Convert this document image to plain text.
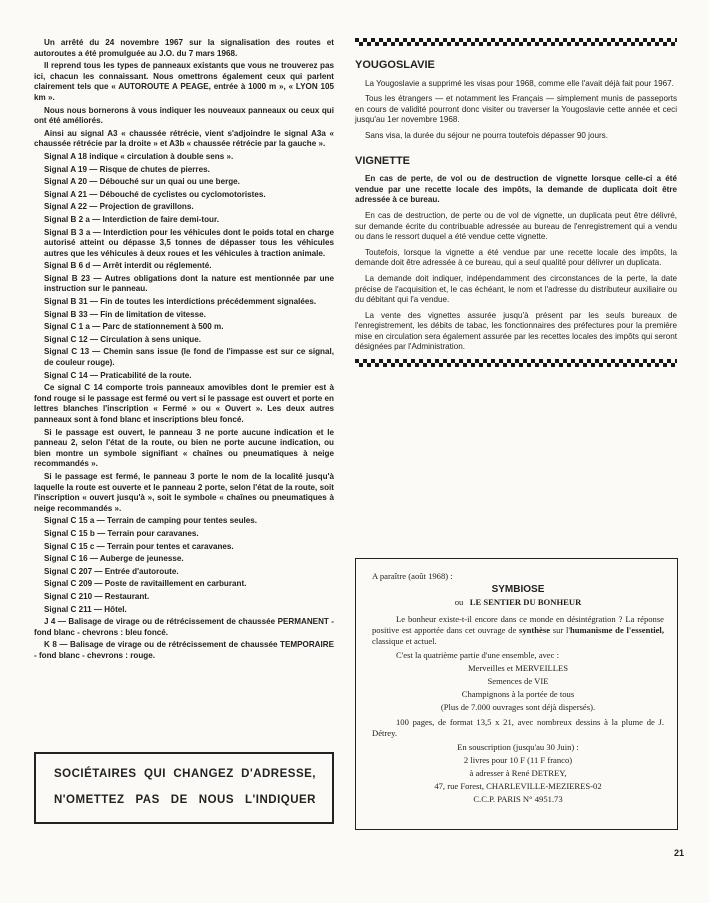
Un arrêté du 24 novembre 1967 sur la signalisation des routes et autoroutes a été promulguée au J.O. du 7 mars 1968.

Il reprend tous les types de panneaux existants que vous ne trouverez pas ici, chacun les connaissant. Nous omettrons également ceux qui parlent clairement tels que « AUTOROUTE A PEAGE, entrée à 1000 m », « LYON 105 km ».

Nous nous bornerons à vous indiquer les nouveaux panneaux ou ceux qui ont été améliorés.

Ainsi au signal A3 « chaussée rétrécie, vient s'adjoindre le signal A3a « chaussée rétrécie par la droite » et A3b « chaussée rétrécie par la gauche ».

Signal A 18 indique « circulation à double sens ».

Signal A 19 — Risque de chutes de pierres.

Signal A 20 — Débouché sur un quai ou une berge.

Signal A 21 — Débouché de cyclistes ou cyclomotoristes.

Signal A 22 — Projection de gravillons.

Signal B 2 a — Interdiction de faire demi-tour.

Signal B 3 a — Interdiction pour les véhicules dont le poids total en charge autorisé atteint ou dépasse 3,5 tonnes de dépasser tous les véhicules autres que les véhicules à deux roues et les véhicules à traction animale.

Signal B 6 d — Arrêt interdit ou réglementé.

Signal B 23 — Autres obligations dont la nature est mentionnée par une instruction sur le panneau.

Signal B 31 — Fin de toutes les interdictions précédemment signalées.

Signal B 33 — Fin de limitation de vitesse.

Signal C 1 a — Parc de stationnement à 500 m.

Signal C 12 — Circulation à sens unique.

Signal C 13 — Chemin sans issue (le fond de l'impasse est sur ce signal, de couleur rouge).

Signal C 14 — Praticabilité de la route.

Ce signal C 14 comporte trois panneaux amovibles dont le premier est à fond rouge si le passage est fermé ou vert si le passage est ouvert et porte en lettres blanches l'inscription « Fermé » ou « Ouvert ». Les deux autres panneaux sont à fond blanc et inscriptions bleu foncé.

Si le passage est ouvert, le panneau 3 ne porte aucune indication et le panneau 2, selon l'état de la route, ou bien ne porte aucune indication, ou bien montre un symbole signifiant « chaînes ou pneumatiques à neige recommandés ».

Si le passage est fermé, le panneau 3 porte le nom de la localité jusqu'à laquelle la route est ouverte et le panneau 2 porte, selon l'état de la route, soit l'inscription « ouvert jusqu'à », soit le symbole « chaînes ou pneumatiques à neige recommandés ».

Signal C 15 a — Terrain de camping pour tentes seules.

Signal C 15 b — Terrain pour caravanes.

Signal C 15 c — Terrain pour tentes et caravanes.

Signal C 16 — Auberge de jeunesse.

Signal C 207 — Entrée d'autoroute.

Signal C 209 — Poste de ravitaillement en carburant.

Signal C 210 — Restaurant.

Signal C 211 — Hôtel.

J 4 — Balisage de virage ou de rétrécissement de chaussée PERMANENT - fond blanc - chevrons : bleu foncé.

K 8 — Balisage de virage ou de rétrécissement de chaussée TEMPORAIRE - fond blanc - chevrons : rouge.

SOCIÉTAIRES QUI CHANGEZ D'ADRESSE,
N'OMETTEZ PAS DE NOUS L'INDIQUER
YOUGOSLAVIE

La Yougoslavie a supprimé les visas pour 1968, comme elle l'avait déjà fait pour 1967.

Tous les étrangers — et notamment les Français — simplement munis de passeports en cours de validité pourront donc visiter ou traverser la Yougoslavie cette année et ceci jusqu'au 1er novembre 1968.

Sans visa, la durée du séjour ne pourra toutefois dépasser 90 jours.

VIGNETTE

En cas de perte, de vol ou de destruction de vignette lorsque celle-ci a été vendue par une recette locale des impôts, la demande de duplicata doit être adressée à ce bureau.

En cas de destruction, de perte ou de vol de vignette, un duplicata peut être délivré, sur demande écrite du contribuable adressée au bureau de l'enregistrement qui a vendu ou dans le ressort duquel a été vendue cette vignette.

Toutefois, lorsque la vignette a été vendue par une recette locale des impôts, la demande doit être adressée à ce bureau, qui a seul qualité pour délivrer un duplicata.

La demande doit indiquer, indépendamment des circonstances de la perte, la date précise de l'acquisition et, le cas échéant, le nom et l'adresse du distributeur auxiliaire ou du débitant qui l'a vendue.

La vente des vignettes assurée jusqu'à présent par les seuls bureaux de l'enregistrement, les débits de tabac, les fonctionnaires des préfectures pour la première mise en circulation sera également assurée par les recettes locales des impôts qui seront désignées par l'Administration.

A paraître (août 1968) :

SYMBIOSE

ou LE SENTIER DU BONHEUR

Le bonheur existe-t-il encore dans ce monde en désintégration ? La réponse positive est apportée dans cet ouvrage de synthèse sur l'humanisme de l'essentiel, classique et actuel.

C'est la quatrième partie d'une ensemble, avec :

Merveilles et MERVEILLES

Semences de VIE

Champignons à la portée de tous

(Plus de 7.000 ouvrages sont déjà dispersés).

100 pages, de format 13,5 x 21, avec nombreux dessins à la plume de J. Détrey.

En souscription (jusqu'au 30 Juin) :

2 livres pour 10 F (11 F franco)

à adresser à René DETREY,

47, rue Forest, CHARLEVILLE-MEZIERES-02

C.C.P. PARIS N° 4951.73

21
